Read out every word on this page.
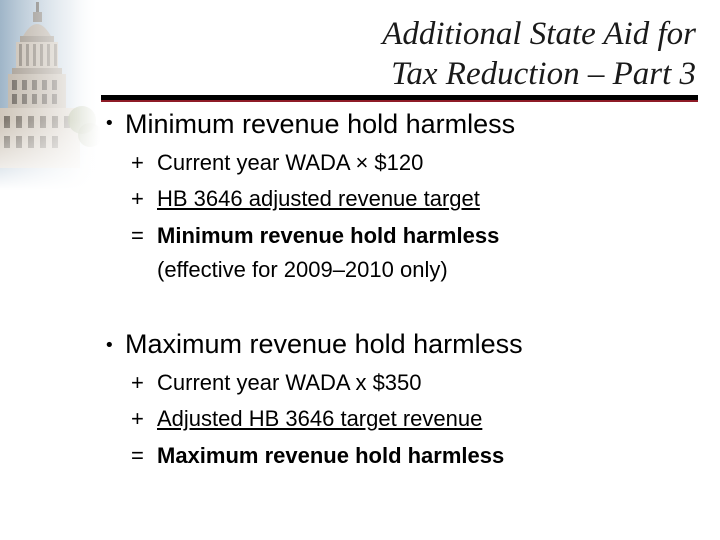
Additional State Aid for
Tax Reduction – Part 3
• Minimum revenue hold harmless
+ Current year WADA × $120
+ HB 3646 adjusted revenue target
= Minimum revenue hold harmless
(effective for 2009–2010 only)
• Maximum revenue hold harmless
+ Current year WADA x $350
+ Adjusted HB 3646 target revenue
= Maximum revenue hold harmless
